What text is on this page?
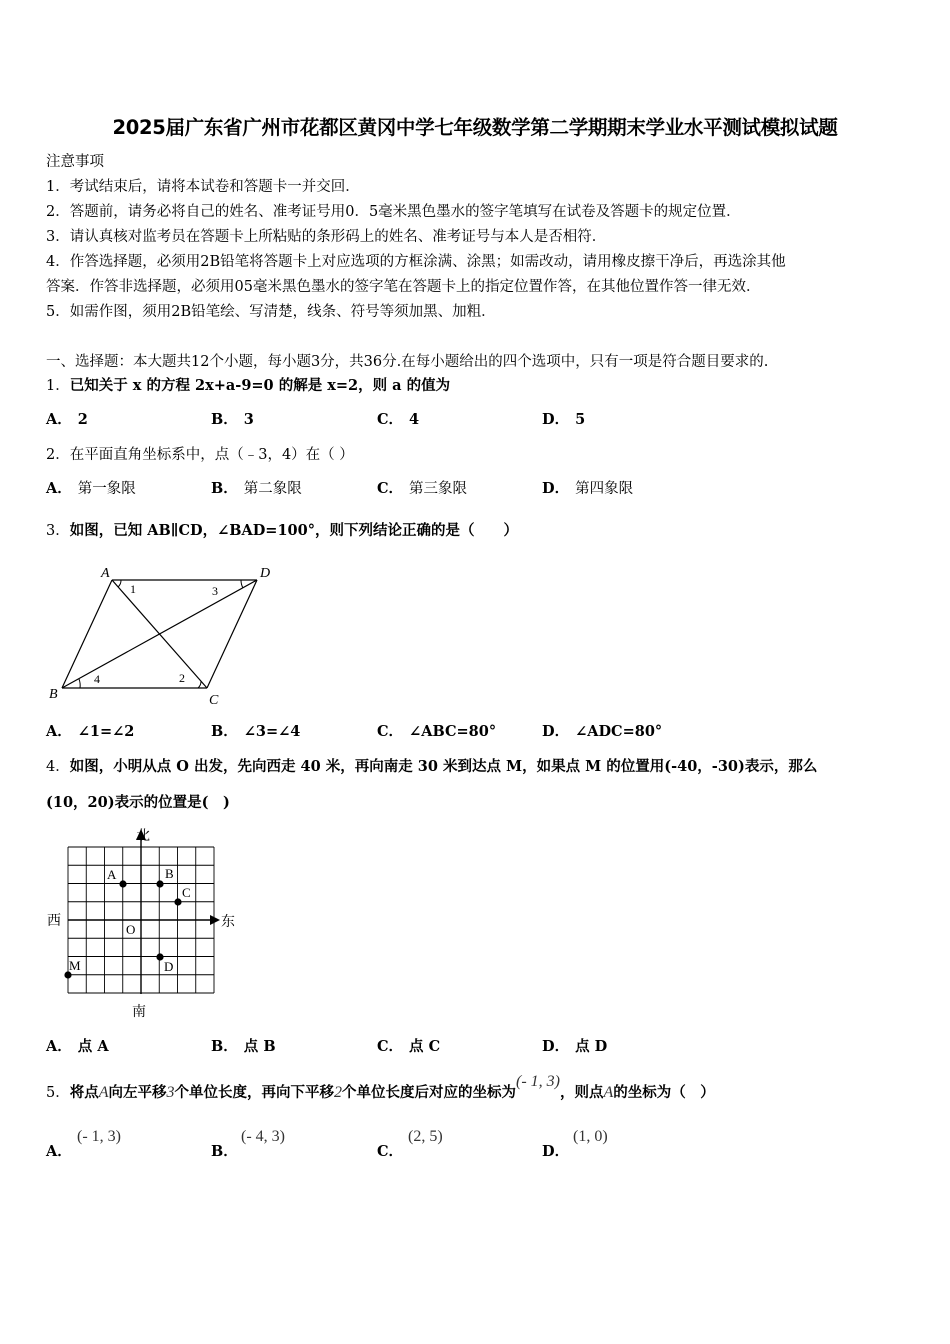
2025届广东省广州市花都区黄冈中学七年级数学第二学期期末学业水平测试模拟试题
注意事项
1．考试结束后，请将本试卷和答题卡一并交回．
2．答题前，请务必将自己的姓名、准考证号用0．5毫米黑色墨水的签字笔填写在试卷及答题卡的规定位置．
3．请认真核对监考员在答题卡上所粘贴的条形码上的姓名、准考证号与本人是否相符．
4．作答选择题，必须用2B铅笔将答题卡上对应选项的方框涂满、涂黑；如需改动，请用橡皮擦干净后，再选涂其他
答案．作答非选择题，必须用05毫米黑色墨水的签字笔在答题卡上的指定位置作答，在其他位置作答一律无效．
5．如需作图，须用2B铅笔绘、写清楚，线条、符号等须加黑、加粗．
一、选择题：本大题共12个小题，每小题3分，共36分.在每小题给出的四个选项中，只有一项是符合题目要求的.
1．已知关于 x 的方程 2x+a-9=0 的解是 x=2，则 a 的值为
A． 2	B． 3	C． 4	D． 5
2．在平面直角坐标系中，点（﹣3，4）在（ ）
A． 第一象限	B． 第二象限	C． 第三象限	D． 第四象限
3．如图，已知 AB∥CD，∠BAD=100°，则下列结论正确的是（　　）
A	D
B	C
1	3
4	2
A． ∠1=∠2	B． ∠3=∠4	C． ∠ABC=80°	D． ∠ADC=80°
4．如图，小明从点 O 出发，先向西走 40 米，再向南走 30 米到达点 M，如果点 M 的位置用(-40，-30)表示，那么
(10，20)表示的位置是(　)
北
南
西	东
O
A	B
C
D
M
A． 点 A	B． 点 B	C． 点 C	D． 点 D
5．将点A向左平移3个单位长度，再向下平移2个单位长度后对应的坐标为(- 1, 3)，则点A的坐标为（　）
A．
(- 1, 3)
B．
(- 4, 3)
C．
(2, 5)
D．
(1, 0)
